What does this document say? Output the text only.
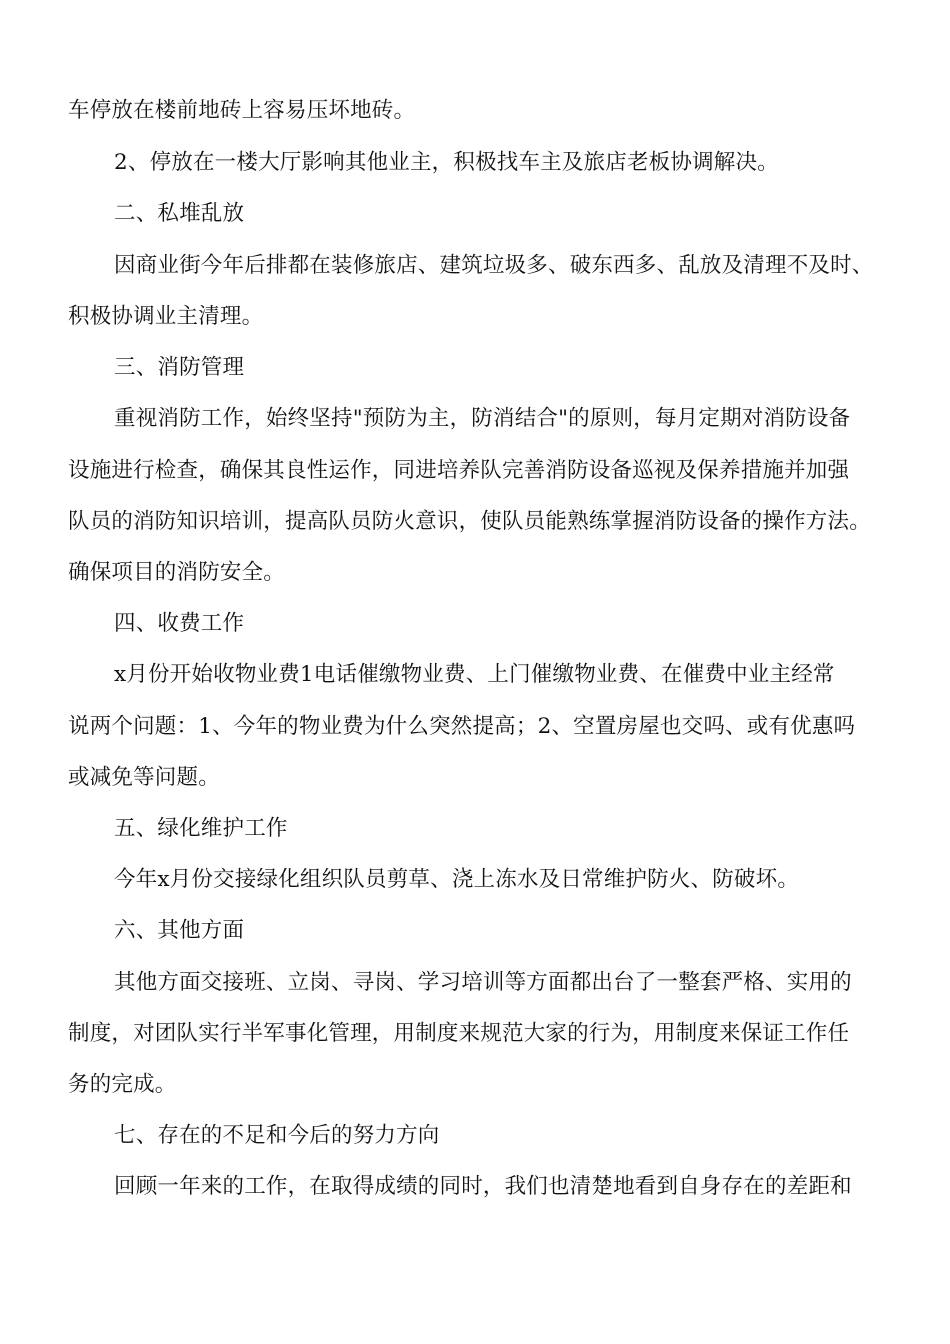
车停放在楼前地砖上容易压坏地砖。
2、停放在一楼大厅影响其他业主，积极找车主及旅店老板协调解决。
二、私堆乱放
因商业街今年后排都在装修旅店、建筑垃圾多、破东西多、乱放及清理不及时、
积极协调业主清理。
三、消防管理
重视消防工作，始终坚持"预防为主，防消结合"的原则，每月定期对消防设备
设施进行检查，确保其良性运作，同进培养队完善消防设备巡视及保养措施并加强
队员的消防知识培训，提高队员防火意识，使队员能熟练掌握消防设备的操作方法。
确保项目的消防安全。
四、收费工作
x月份开始收物业费1电话催缴物业费、上门催缴物业费、在催费中业主经常
说两个问题：1、今年的物业费为什么突然提高；2、空置房屋也交吗、或有优惠吗
或减免等问题。
五、绿化维护工作
今年x月份交接绿化组织队员剪草、浇上冻水及日常维护防火、防破坏。
六、其他方面
其他方面交接班、立岗、寻岗、学习培训等方面都出台了一整套严格、实用的
制度，对团队实行半军事化管理，用制度来规范大家的行为，用制度来保证工作任
务的完成。
七、存在的不足和今后的努力方向
回顾一年来的工作，在取得成绩的同时，我们也清楚地看到自身存在的差距和
